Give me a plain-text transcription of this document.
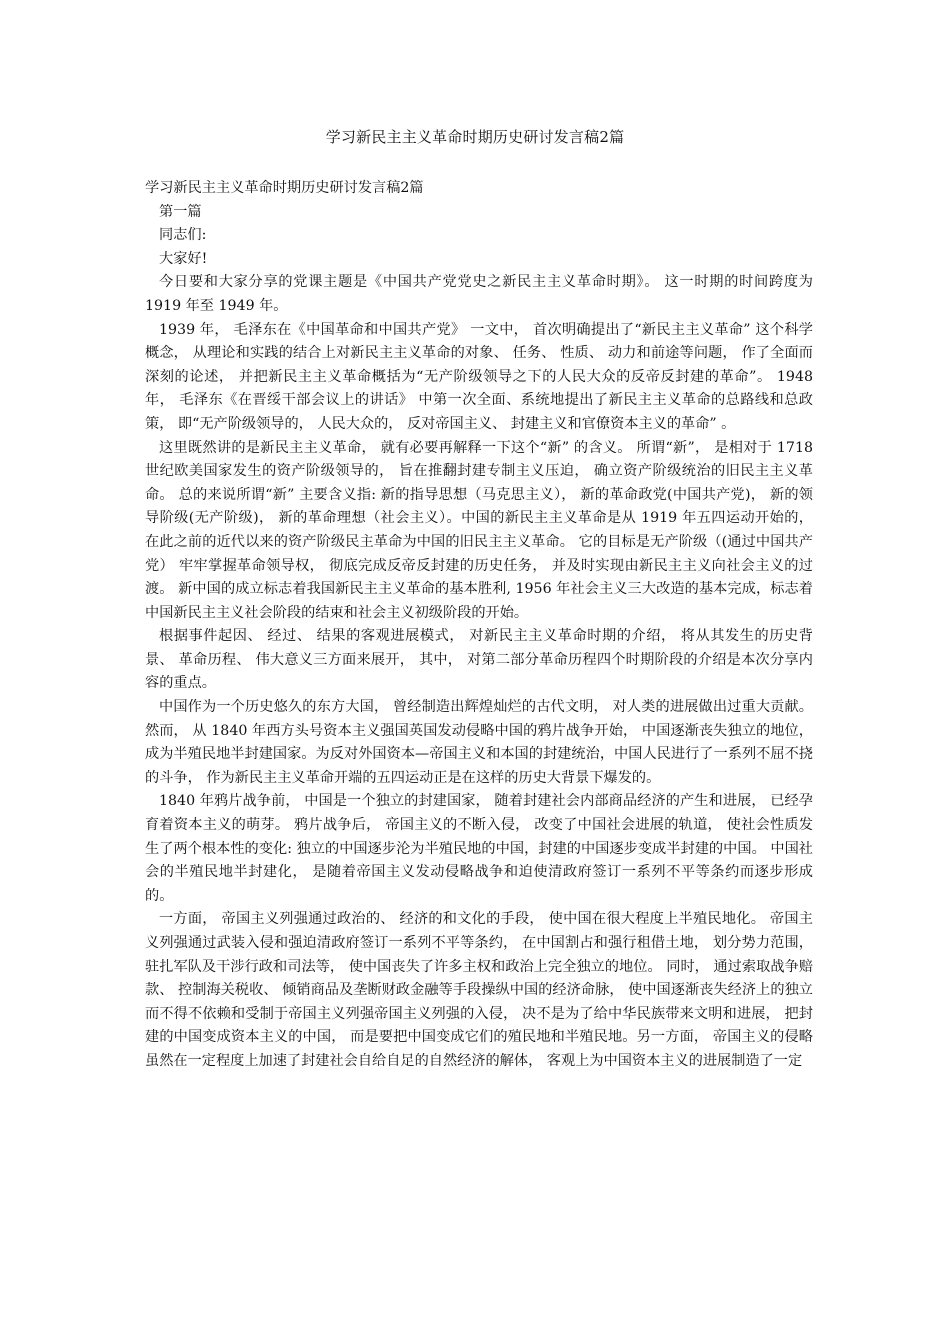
学习新民主主义革命时期历史研讨发言稿2篇

学习新民主主义革命时期历史研讨发言稿2篇

第一篇

同志们:

大家好!

今日要和大家分享的党课主题是《中国共产党党史之新民主主义革命时期》。 这一时期的时间跨度为 1919 年至 1949 年。

1939 年， 毛泽东在《中国革命和中国共产党》 一文中， 首次明确提出了“新民主主义革命” 这个科学概念， 从理论和实践的结合上对新民主主义革命的对象、 任务、 性质、 动力和前途等问题， 作了全面而深刻的论述， 并把新民主主义革命概括为“无产阶级领导之下的人民大众的反帝反封建的革命”。 1948 年， 毛泽东《在晋绥干部会议上的讲话》 中第一次全面、系统地提出了新民主主义革命的总路线和总政策， 即“无产阶级领导的， 人民大众的， 反对帝国主义、 封建主义和官僚资本主义的革命” 。

这里既然讲的是新民主主义革命， 就有必要再解释一下这个“新” 的含义。 所谓“新”， 是相对于 1718 世纪欧美国家发生的资产阶级领导的， 旨在推翻封建专制主义压迫， 确立资产阶级统治的旧民主主义革命。 总的来说所谓“新” 主要含义指: 新的指导思想（马克思主义）， 新的革命政党(中国共产党)， 新的领导阶级(无产阶级)， 新的革命理想（社会主义）。中国的新民主主义革命是从 1919 年五四运动开始的， 在此之前的近代以来的资产阶级民主革命为中国的旧民主主义革命。 它的目标是无产阶级（(通过中国共产党） 牢牢掌握革命领导权， 彻底完成反帝反封建的历史任务， 并及时实现由新民主主义向社会主义的过渡。 新中国的成立标志着我国新民主主义革命的基本胜利, 1956 年社会主义三大改造的基本完成，标志着中国新民主主义社会阶段的结束和社会主义初级阶段的开始。

根据事件起因、 经过、 结果的客观进展模式， 对新民主主义革命时期的介绍， 将从其发生的历史背景、 革命历程、 伟大意义三方面来展开， 其中， 对第二部分革命历程四个时期阶段的介绍是本次分享内容的重点。

中国作为一个历史悠久的东方大国， 曾经制造出辉煌灿烂的古代文明， 对人类的进展做出过重大贡献。然而， 从 1840 年西方头号资本主义强国英国发动侵略中国的鸦片战争开始， 中国逐渐丧失独立的地位， 成为半殖民地半封建国家。为反对外国资本—帝国主义和本国的封建统治，中国人民进行了一系列不屈不挠的斗争， 作为新民主主义革命开端的五四运动正是在这样的历史大背景下爆发的。

1840 年鸦片战争前， 中国是一个独立的封建国家， 随着封建社会内部商品经济的产生和进展， 已经孕育着资本主义的萌芽。 鸦片战争后， 帝国主义的不断入侵， 改变了中国社会进展的轨道， 使社会性质发生了两个根本性的变化: 独立的中国逐步沦为半殖民地的中国，封建的中国逐步变成半封建的中国。 中国社会的半殖民地半封建化， 是随着帝国主义发动侵略战争和迫使清政府签订一系列不平等条约而逐步形成的。

一方面， 帝国主义列强通过政治的、 经济的和文化的手段， 使中国在很大程度上半殖民地化。 帝国主义列强通过武装入侵和强迫清政府签订一系列不平等条约， 在中国割占和强行租借土地， 划分势力范围， 驻扎军队及干涉行政和司法等， 使中国丧失了许多主权和政治上完全独立的地位。 同时， 通过索取战争赔款、 控制海关税收、 倾销商品及垄断财政金融等手段操纵中国的经济命脉， 使中国逐渐丧失经济上的独立而不得不依赖和受制于帝国主义列强帝国主义列强的入侵， 决不是为了给中华民族带来文明和进展， 把封建的中国变成资本主义的中国， 而是要把中国变成它们的殖民地和半殖民地。另一方面， 帝国主义的侵略虽然在一定程度上加速了封建社会自给自足的自然经济的解体， 客观上为中国资本主义的进展制造了一定
